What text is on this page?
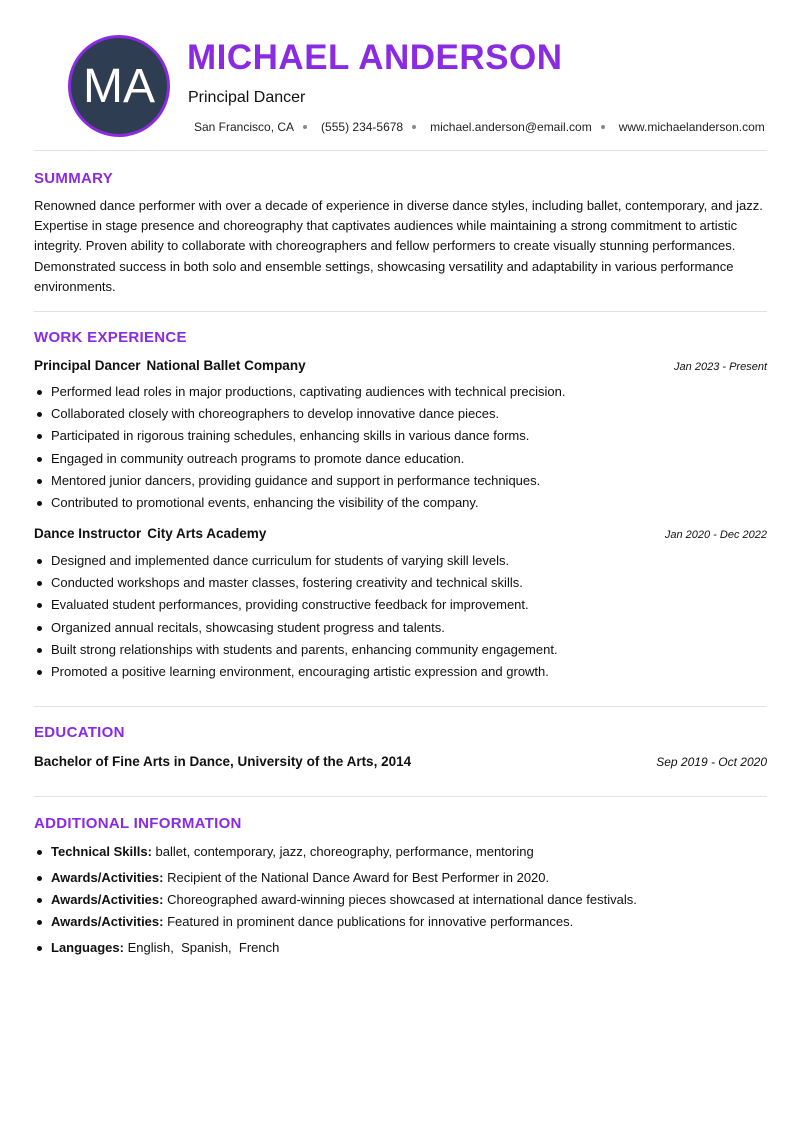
MA
MICHAEL ANDERSON
Principal Dancer
San Francisco, CA (555) 234-5678 michael.anderson@email.com www.michaelanderson.com
SUMMARY
Renowned dance performer with over a decade of experience in diverse dance styles, including ballet, contemporary, and jazz. Expertise in stage presence and choreography that captivates audiences while maintaining a strong commitment to artistic integrity. Proven ability to collaborate with choreographers and fellow performers to create visually stunning performances. Demonstrated success in both solo and ensemble settings, showcasing versatility and adaptability in various performance environments.
WORK EXPERIENCE
Principal Dancer National Ballet Company	Jan 2023 - Present
Performed lead roles in major productions, captivating audiences with technical precision.
Collaborated closely with choreographers to develop innovative dance pieces.
Participated in rigorous training schedules, enhancing skills in various dance forms.
Engaged in community outreach programs to promote dance education.
Mentored junior dancers, providing guidance and support in performance techniques.
Contributed to promotional events, enhancing the visibility of the company.
Dance Instructor City Arts Academy	Jan 2020 - Dec 2022
Designed and implemented dance curriculum for students of varying skill levels.
Conducted workshops and master classes, fostering creativity and technical skills.
Evaluated student performances, providing constructive feedback for improvement.
Organized annual recitals, showcasing student progress and talents.
Built strong relationships with students and parents, enhancing community engagement.
Promoted a positive learning environment, encouraging artistic expression and growth.
EDUCATION
Bachelor of Fine Arts in Dance, University of the Arts, 2014	Sep 2019 - Oct 2020
ADDITIONAL INFORMATION
Technical Skills: ballet, contemporary, jazz, choreography, performance, mentoring
Awards/Activities: Recipient of the National Dance Award for Best Performer in 2020.
Awards/Activities: Choreographed award-winning pieces showcased at international dance festivals.
Awards/Activities: Featured in prominent dance publications for innovative performances.
Languages: English,  Spanish,  French
